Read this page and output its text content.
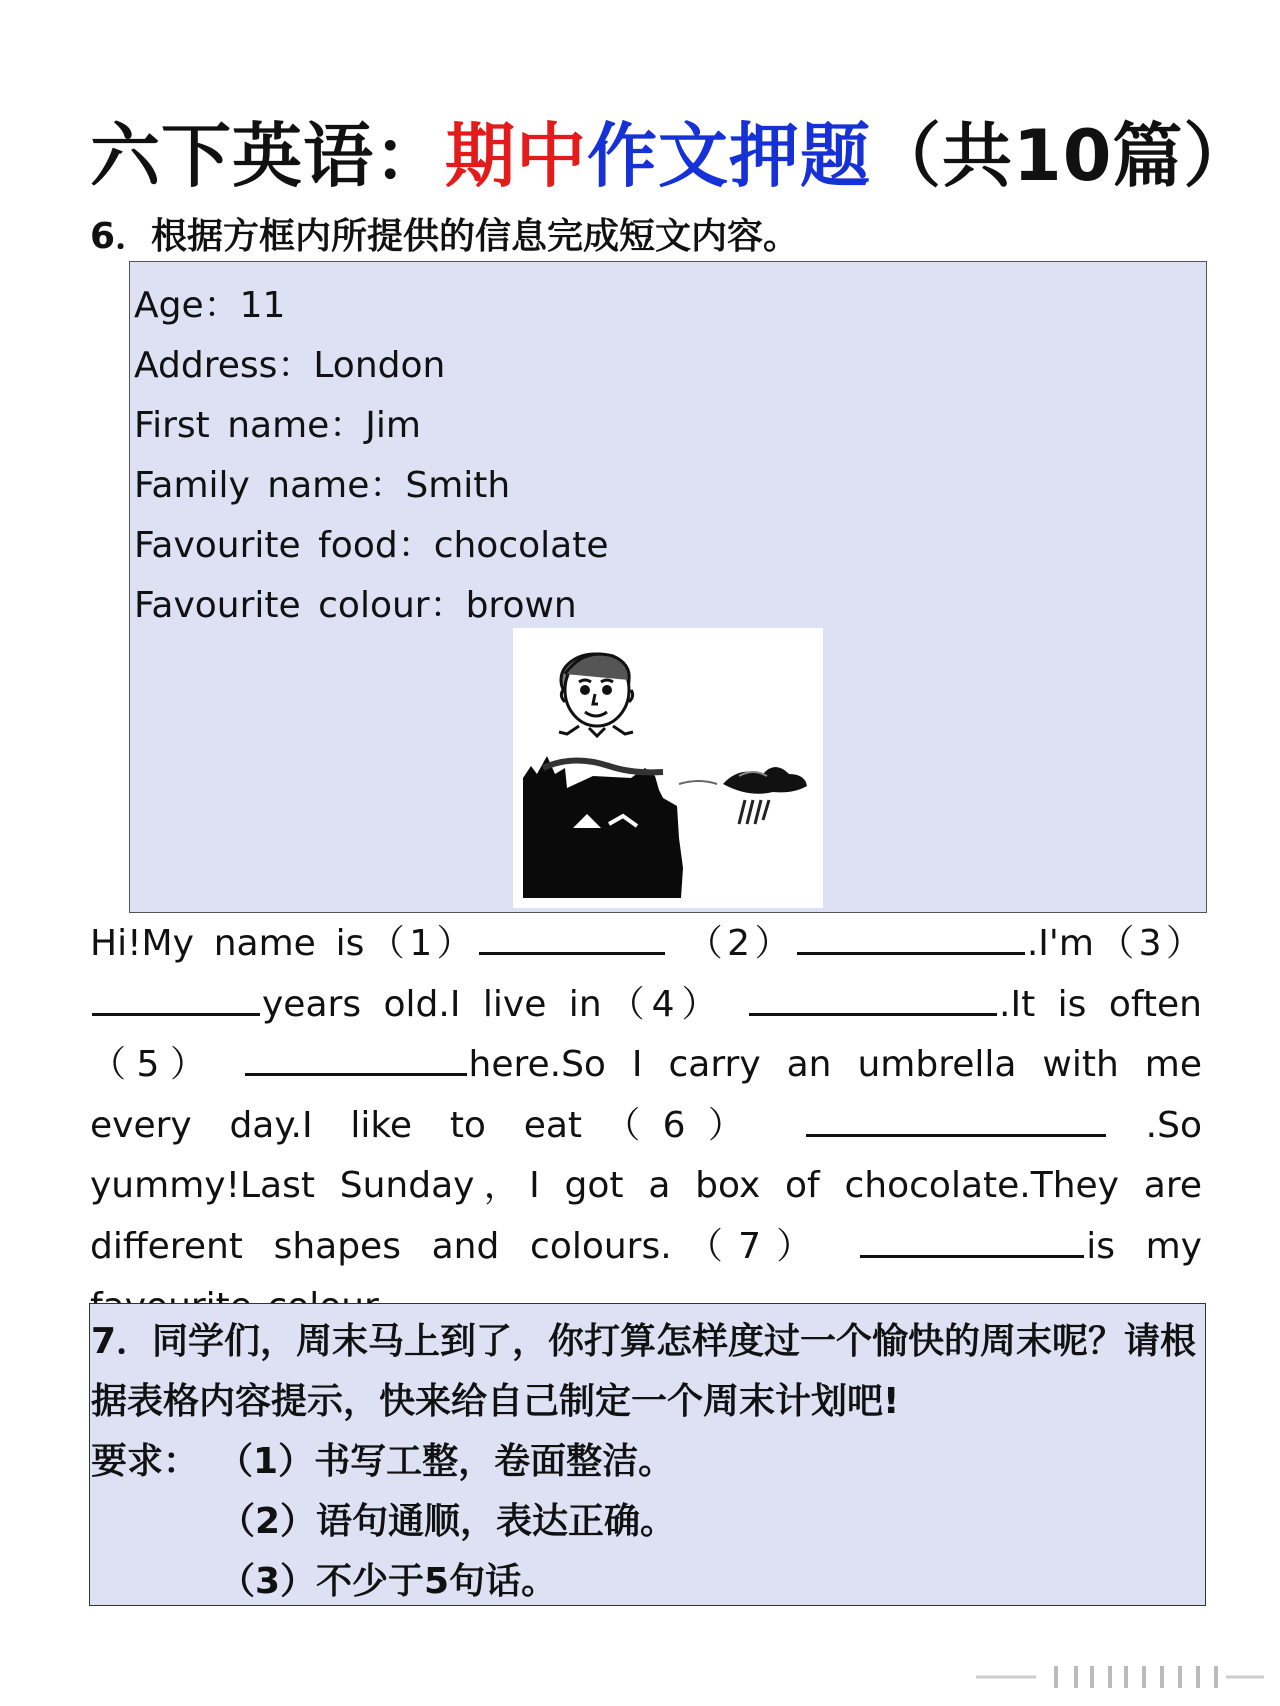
六下英语：期中作文押题（共10篇）
6．根据方框内所提供的信息完成短文内容。
Age：11
Address：London
First name：Jim
Family name：Smith
Favourite food：chocolate
Favourite colour：brown

Hi!My name is（1）	（2）	.I'm（3） years old.I live in（4）	.It is often（5）	here.So I carry an umbrella with me every day.I like to eat（6）	.So yummy!Last Sunday，I got a box of chocolate.They are different shapes and colours.（7）	is my

7．同学们，周末马上到了，你打算怎样度过一个愉快的周末呢？请根据表格内容提示，快来给自己制定一个周末计划吧!

要求： （1）书写工整，卷面整洁。

（2）语句通顺，表达正确。

（3）不少于5句话。
